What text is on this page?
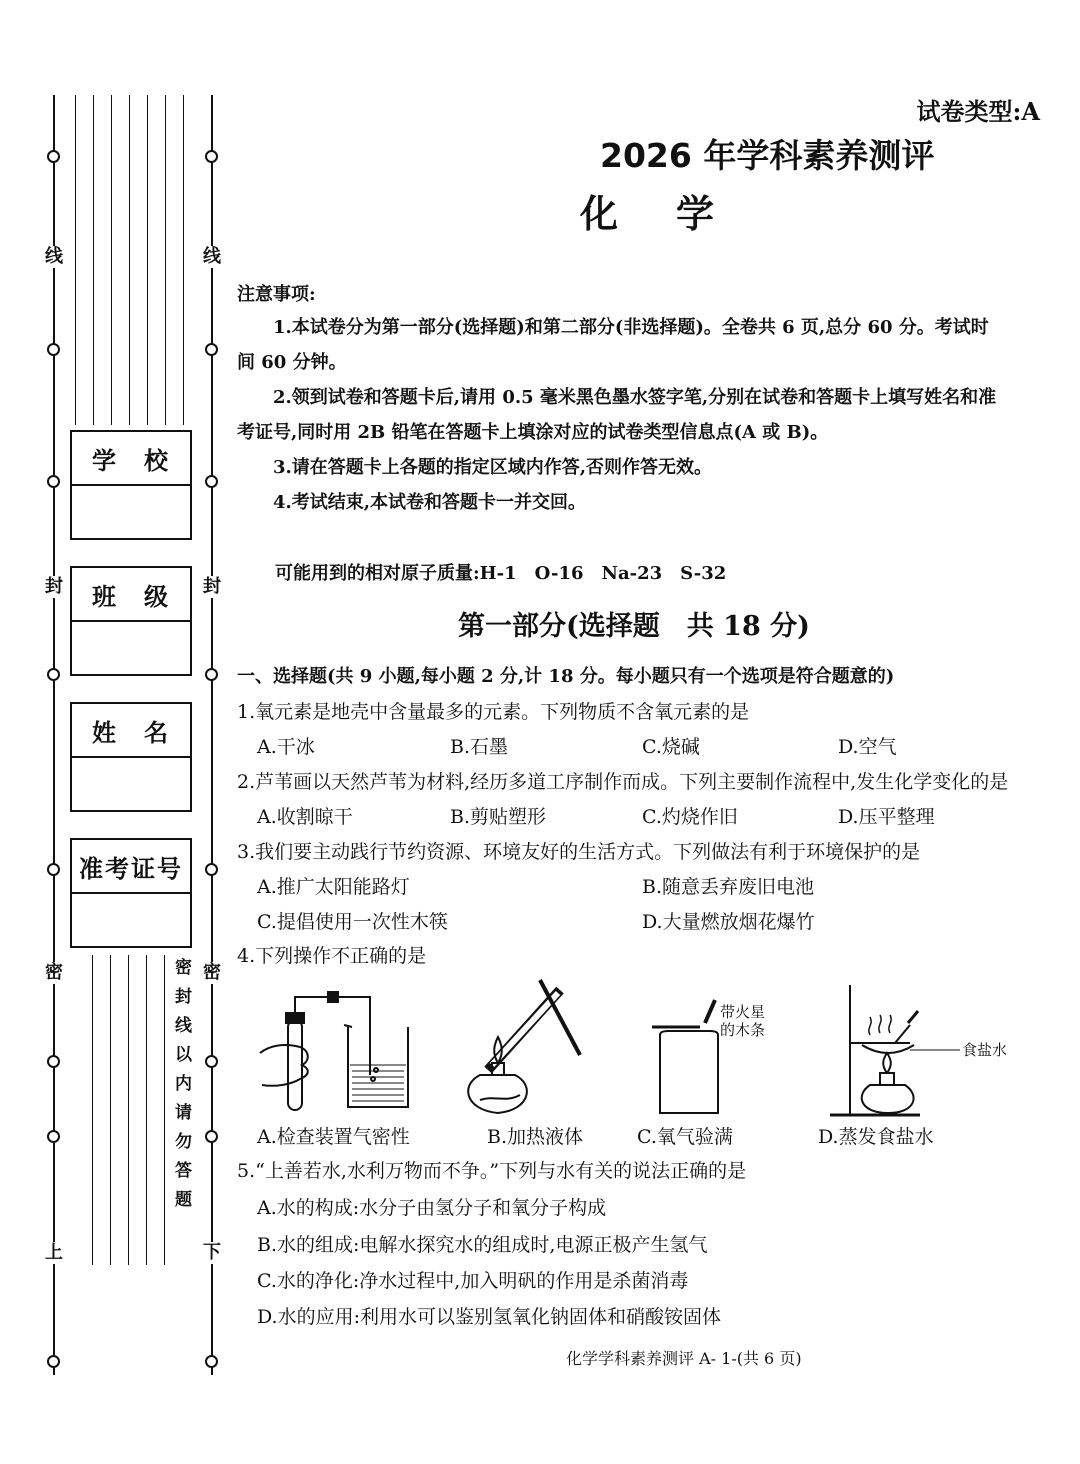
线	线
封	封
密	密
上	下
学　校
班　级
姓　名
准考证号
密封线以内请勿答题
试卷类型:A
2026 年学科素养测评
化　学
注意事项:
1.本试卷分为第一部分(选择题)和第二部分(非选择题)。全卷共 6 页,总分 60 分。考试时
间 60 分钟。
2.领到试卷和答题卡后,请用 0.5 毫米黑色墨水签字笔,分别在试卷和答题卡上填写姓名和准
考证号,同时用 2B 铅笔在答题卡上填涂对应的试卷类型信息点(A 或 B)。
3.请在答题卡上各题的指定区域内作答,否则作答无效。
4.考试结束,本试卷和答题卡一并交回。
可能用到的相对原子质量:H-1　O-16　Na-23　S-32
第一部分(选择题　共 18 分)
一、选择题(共 9 小题,每小题 2 分,计 18 分。每小题只有一个选项是符合题意的)
1.氧元素是地壳中含量最多的元素。下列物质不含氧元素的是
A.干冰	B.石墨	C.烧碱	D.空气
2.芦苇画以天然芦苇为材料,经历多道工序制作而成。下列主要制作流程中,发生化学变化的是
A.收割晾干	B.剪贴塑形	C.灼烧作旧	D.压平整理
3.我们要主动践行节约资源、环境友好的生活方式。下列做法有利于环境保护的是
A.推广太阳能路灯	B.随意丢弃废旧电池
C.提倡使用一次性木筷	D.大量燃放烟花爆竹
4.下列操作不正确的是
带火星
的木条
食盐水
A.检查装置气密性	B.加热液体	C.氧气验满	D.蒸发食盐水
5.“上善若水,水利万物而不争。”下列与水有关的说法正确的是
A.水的构成:水分子由氢分子和氧分子构成
B.水的组成:电解水探究水的组成时,电源正极产生氢气
C.水的净化:净水过程中,加入明矾的作用是杀菌消毒
D.水的应用:利用水可以鉴别氢氧化钠固体和硝酸铵固体
化学学科素养测评 A- 1-(共 6 页)
